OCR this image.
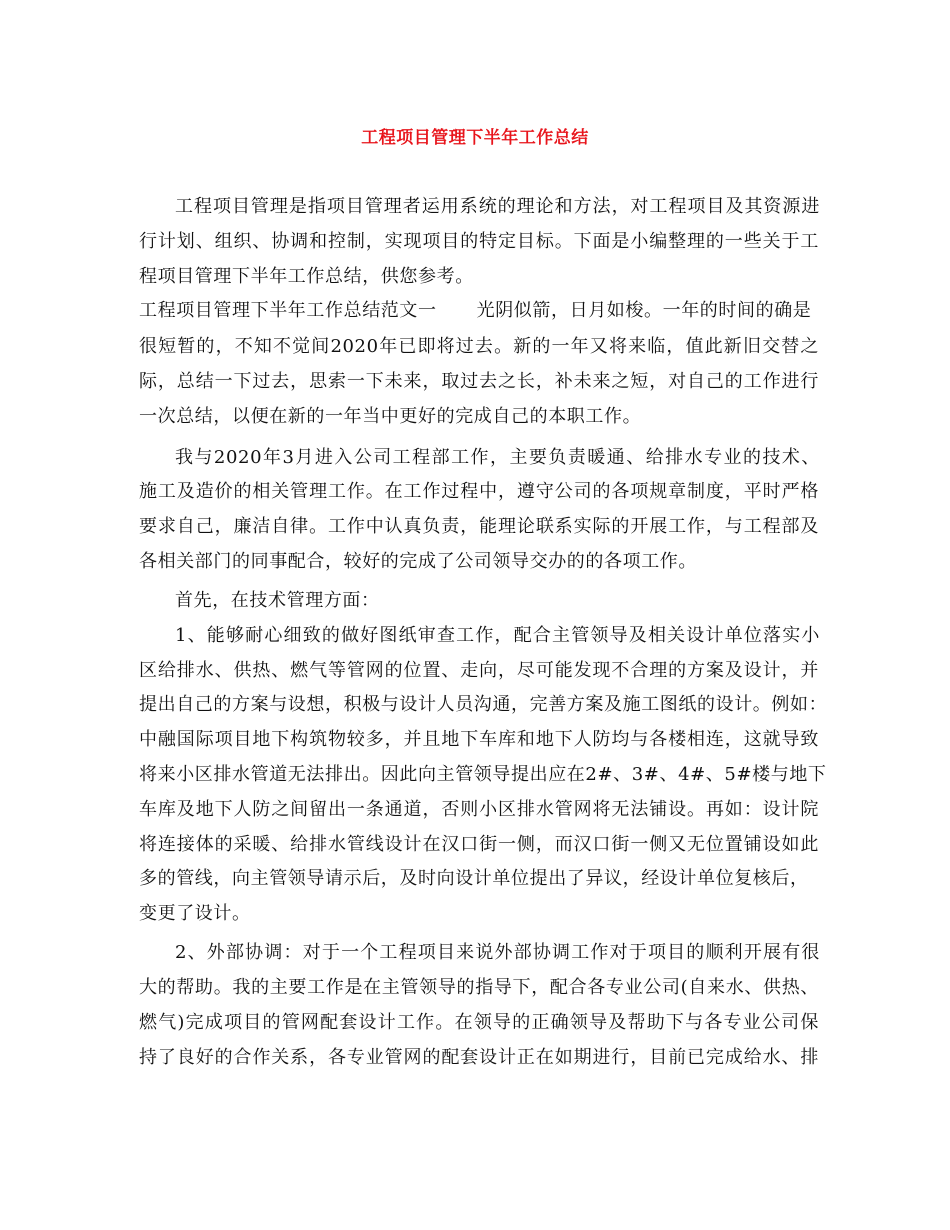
工程项目管理下半年工作总结
工程项目管理是指项目管理者运用系统的理论和方法，对工程项目及其资源进
行计划、组织、协调和控制，实现项目的特定目标。下面是小编整理的一些关于工
程项目管理下半年工作总结，供您参考。
工程项目管理下半年工作总结范文一 光阴似箭，日月如梭。一年的时间的确是
很短暂的，不知不觉间2020年已即将过去。新的一年又将来临，值此新旧交替之
际，总结一下过去，思索一下未来，取过去之长，补未来之短，对自己的工作进行
一次总结，以便在新的一年当中更好的完成自己的本职工作。
我与2020年3月进入公司工程部工作，主要负责暖通、给排水专业的技术、
施工及造价的相关管理工作。在工作过程中，遵守公司的各项规章制度，平时严格
要求自己，廉洁自律。工作中认真负责，能理论联系实际的开展工作，与工程部及
各相关部门的同事配合，较好的完成了公司领导交办的的各项工作。
首先，在技术管理方面：
1、能够耐心细致的做好图纸审查工作，配合主管领导及相关设计单位落实小
区给排水、供热、燃气等管网的位置、走向，尽可能发现不合理的方案及设计，并
提出自己的方案与设想，积极与设计人员沟通，完善方案及施工图纸的设计。例如：
中融国际项目地下构筑物较多，并且地下车库和地下人防均与各楼相连，这就导致
将来小区排水管道无法排出。因此向主管领导提出应在2#、3#、4#、5#楼与地下
车库及地下人防之间留出一条通道，否则小区排水管网将无法铺设。再如：设计院
将连接体的采暖、给排水管线设计在汉口街一侧，而汉口街一侧又无位置铺设如此
多的管线，向主管领导请示后，及时向设计单位提出了异议，经设计单位复核后，
变更了设计。
2、外部协调：对于一个工程项目来说外部协调工作对于项目的顺利开展有很
大的帮助。我的主要工作是在主管领导的指导下，配合各专业公司(自来水、供热、
燃气)完成项目的管网配套设计工作。在领导的正确领导及帮助下与各专业公司保
持了良好的合作关系，各专业管网的配套设计正在如期进行，目前已完成给水、排
